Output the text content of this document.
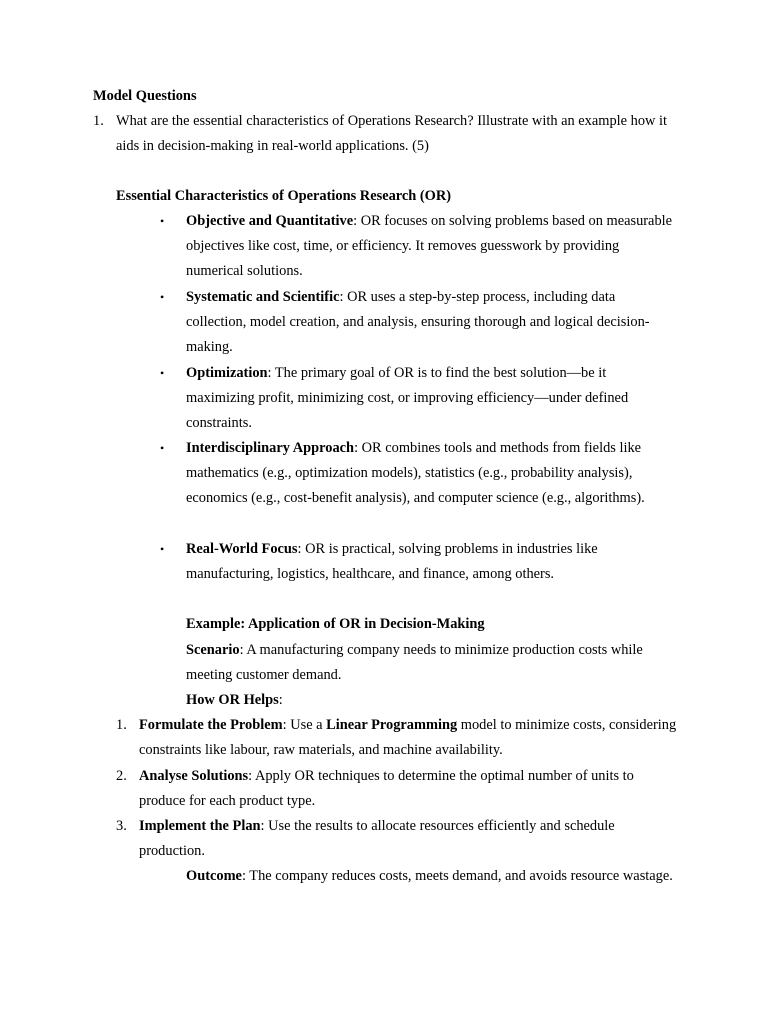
Model Questions
1. What are the essential characteristics of Operations Research? Illustrate with an example how it aids in decision-making in real-world applications. (5)
Essential Characteristics of Operations Research (OR)
• Objective and Quantitative: OR focuses on solving problems based on measurable objectives like cost, time, or efficiency. It removes guesswork by providing numerical solutions.
• Systematic and Scientific: OR uses a step-by-step process, including data collection, model creation, and analysis, ensuring thorough and logical decision-making.
• Optimization: The primary goal of OR is to find the best solution—be it maximizing profit, minimizing cost, or improving efficiency—under defined constraints.
• Interdisciplinary Approach: OR combines tools and methods from fields like mathematics (e.g., optimization models), statistics (e.g., probability analysis), economics (e.g., cost-benefit analysis), and computer science (e.g., algorithms).
• Real-World Focus: OR is practical, solving problems in industries like manufacturing, logistics, healthcare, and finance, among others.
Example: Application of OR in Decision-Making
Scenario: A manufacturing company needs to minimize production costs while meeting customer demand.
How OR Helps:
1. Formulate the Problem: Use a Linear Programming model to minimize costs, considering constraints like labour, raw materials, and machine availability.
2. Analyse Solutions: Apply OR techniques to determine the optimal number of units to produce for each product type.
3. Implement the Plan: Use the results to allocate resources efficiently and schedule production.
Outcome: The company reduces costs, meets demand, and avoids resource wastage.
